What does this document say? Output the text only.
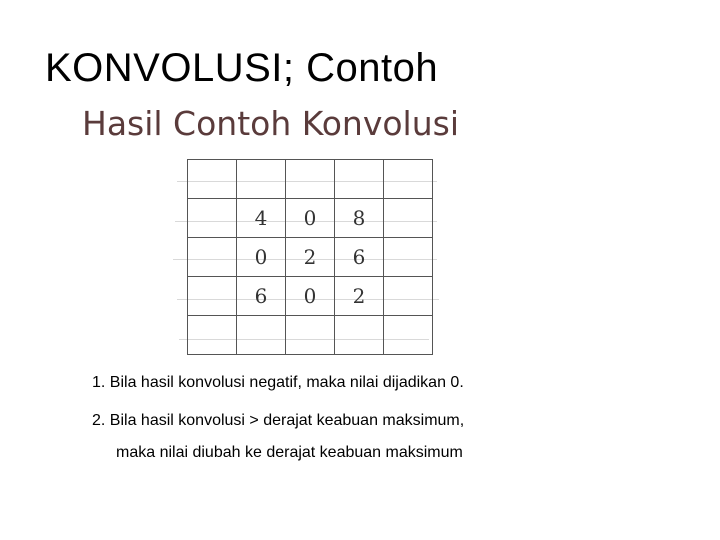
KONVOLUSI; Contoh
Hasil Contoh Konvolusi

	4	0	8	
	0	2	6	
	6	0	2	

1. Bila hasil konvolusi negatif, maka nilai dijadikan 0.
2. Bila hasil konvolusi > derajat keabuan maksimum,
maka nilai diubah ke derajat keabuan maksimum
